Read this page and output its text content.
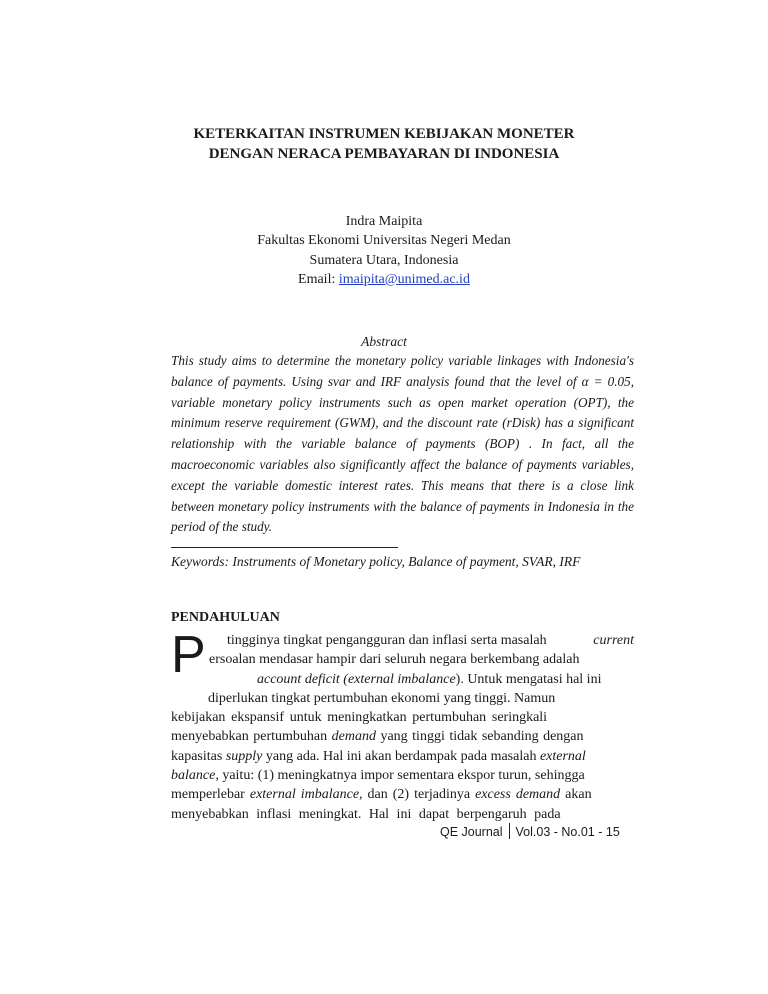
KETERKAITAN INSTRUMEN KEBIJAKAN MONETER
DENGAN NERACA PEMBAYARAN DI INDONESIA
Indra Maipita
Fakultas Ekonomi Universitas Negeri Medan
Sumatera Utara, Indonesia
Email: imaipita@unimed.ac.id
Abstract
This study aims to determine the monetary policy variable linkages with Indonesia's balance of payments. Using svar and IRF analysis found that the level of α = 0.05, variable monetary policy instruments such as open market operation (OPT), the minimum reserve requirement (GWM), and the discount rate (rDisk) has a significant relationship with the variable balance of payments (BOP) . In fact, all the macroeconomic variables also significantly affect the balance of payments variables, except the variable domestic interest rates. This means that there is a close link between monetary policy instruments with the balance of payments in Indonesia in the period of the study.
Keywords: Instruments of Monetary policy, Balance of payment, SVAR, IRF
PENDAHULUAN
P tingginya tingkat pengangguran dan inflasi serta masalah	current
ersoalan mendasar hampir dari seluruh negara berkembang adalah
account deficit (external imbalance). Untuk mengatasi hal ini
diperlukan tingkat pertumbuhan ekonomi yang tinggi. Namun
kebijakan ekspansif untuk meningkatkan pertumbuhan seringkali
menyebabkan pertumbuhan demand yang tinggi tidak sebanding dengan
kapasitas supply yang ada. Hal ini akan berdampak pada masalah external
balance, yaitu: (1) meningkatnya impor sementara ekspor turun, sehingga
memperlebar external imbalance, dan (2) terjadinya excess demand akan
menyebabkan inflasi meningkat. Hal ini dapat berpengaruh pada
QE Journal Vol.03 - No.01 - 15
